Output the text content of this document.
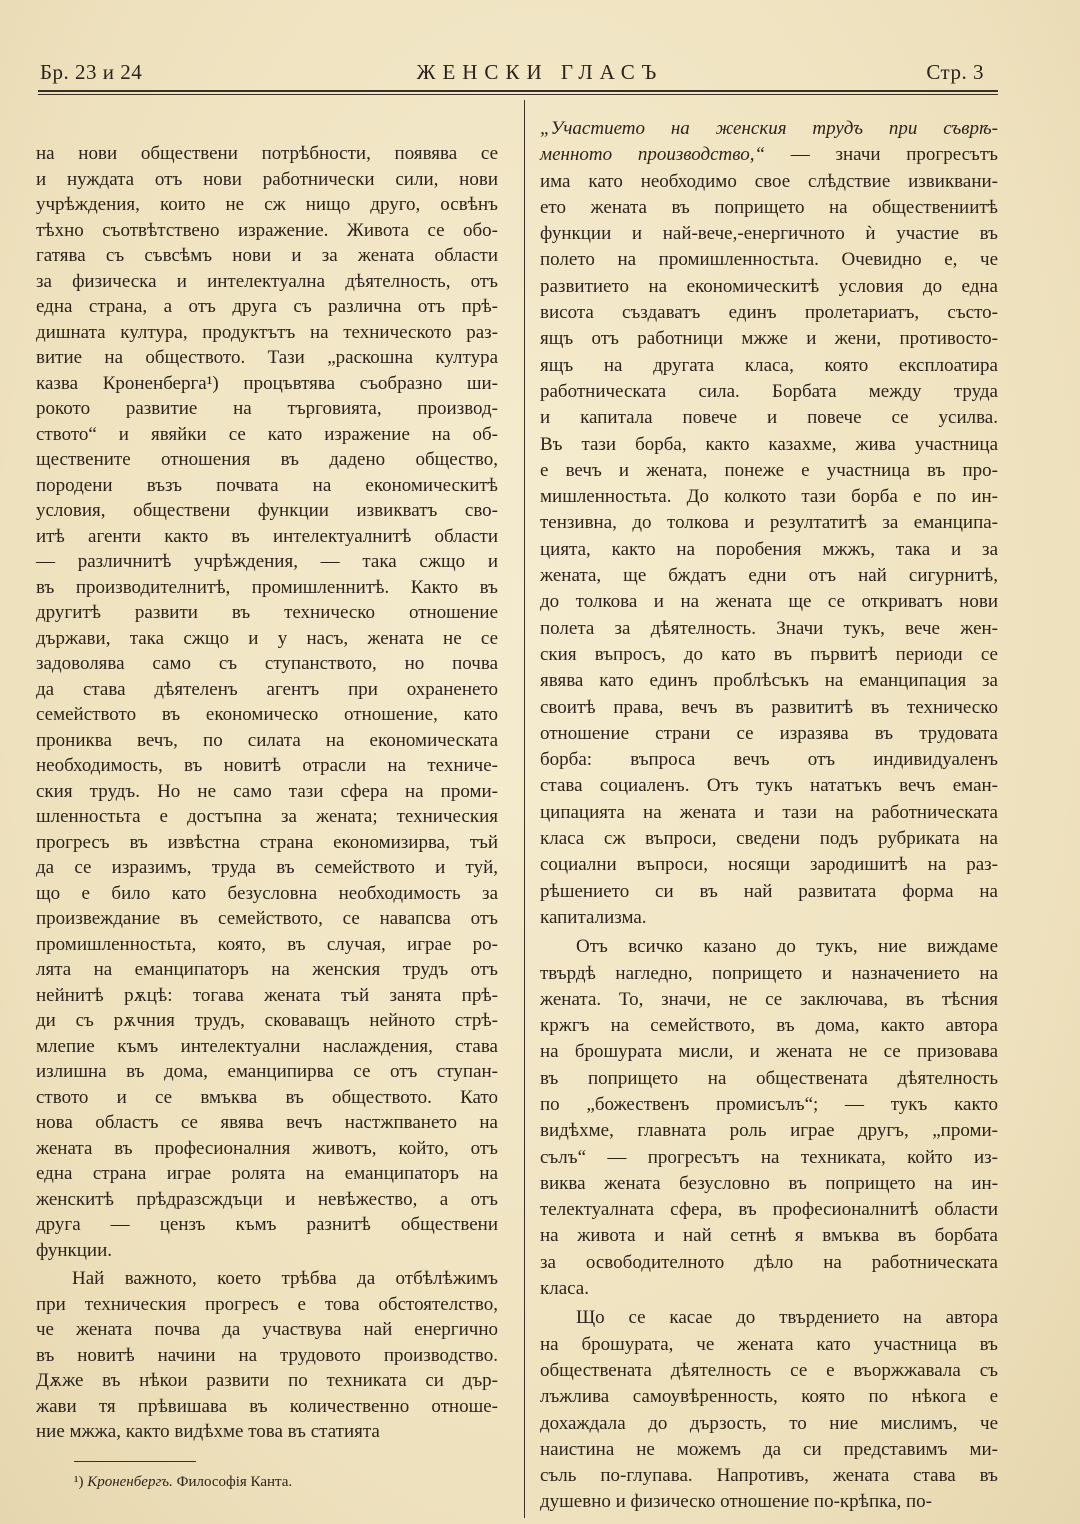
ЖЕНСКИ ГЛАСЪ
Бр. 23 и 24	Стр. 3
на нови обществени потрѣбности, появява се
и нуждата отъ нови работнически сили, нови
учрѣждения, които не сж нищо друго, освѣнъ
тѣхно съотвѣтствено изражение. Живота се обо-
гатява съ съвсѣмъ нови и за жената области
за физическа и интелектуална дѣятелность, отъ
една страна, а отъ друга съ различна отъ прѣ-
дишната култура, продуктътъ на техническото раз-
витие на обществото. Тази „раскошна култура
казва Кроненберга¹) процъвтява съобразно ши-
рокото развитие на търговията, производ-
ството“ и явяйки се като изражение на об-
ществените отношения въ дадено общество,
породени възъ почвата на економическитѣ
условия, обществени функции извикватъ сво-
итѣ агенти както въ интелектуалнитѣ области
— различнитѣ учрѣждения, — така сжщо и
въ производителнитѣ, промишленнитѣ. Както въ
другитѣ развити въ техническо отношение
държави, така сжщо и у насъ, жената не се
задоволява само съ ступанството, но почва
да става дѣятеленъ агентъ при охраненето
семейството въ економическо отношение, като
прониква вечъ, по силата на економическата
необходимость, въ новитѣ отрасли на техниче-
ския трудъ. Но не само тази сфера на проми-
шленностьта е достъпна за жената; техническия
прогресъ въ извѣстна страна економизирва, тъй
да се изразимъ, труда въ семейството и туй,
що е било като безусловна необходимость за
произвеждание въ семейството, се навапсва отъ
промишленностьта, която, въ случая, играе ро-
лята на еманципаторъ на женския трудъ отъ
нейнитѣ рѫцѣ: тогава жената тъй занята прѣ-
ди съ рѫчния трудъ, сковаващъ нейното стрѣ-
млепие къмъ интелектуални наслаждения, става
излишна въ дома, еманципирва се отъ ступан-
ството и се вмъква въ обществото. Като
нова областъ се явява вечъ настжпването на
жената въ професионалния животъ, който, отъ
една страна играе ролята на еманципаторъ на
женскитѣ прѣдразсждъци и невѣжество, а отъ
друга — цензъ къмъ разнитѣ обществени
функции.
Най важното, което трѣбва да отбѣлѣжимъ
при техническия прогресъ е това обстоятелство,
че жената почва да участвува най енергично
въ новитѣ начини на трудовото производство.
Дѫже въ нѣкои развити по техниката си дър-
жави тя прѣвишава въ количественно отноше-
ние мжжа, както видѣхме това въ статията
„Участието на женския трудъ при съврѣ-
менното производство,“ — значи прогресътъ
има като необходимо свое слѣдствие извиквани-
ето жената въ попрището на обществениитѣ
функции и най-вече,-енергичното ѝ участие въ
полето на промишленностьта. Очевидно е, че
развитието на економическитѣ условия до една
висота създаватъ единъ пролетариатъ, състо-
ящъ отъ работници мжже и жени, противосто-
ящъ на другата класа, която експлоатира
работническата сила. Борбата между труда
и капитала повече и повече се усилва.
Въ тази борба, както казахме, жива участница
е вечъ и жената, понеже е участница въ про-
мишленностьта. До колкото тази борба е по ин-
тензивна, до толкова и резултатитѣ за еманципа-
цията, както на поробения мжжъ, така и за
жената, ще бждатъ едни отъ най сигурнитѣ,
до толкова и на жената ще се откриватъ нови
полета за дѣятелность. Значи тукъ, вече жен-
ския въпросъ, до като въ първитѣ периоди се
явява като единъ проблѣсъкъ на еманципация за
своитѣ права, вечъ въ развититѣ въ техническо
отношение страни се изразява въ трудовата
борба: въпроса вечъ отъ индивидуаленъ
става социаленъ. Отъ тукъ нататъкъ вечъ еман-
ципацията на жената и тази на работническата
класа сж въпроси, сведени подъ рубриката на
социални въпроси, носящи зародишитѣ на раз-
рѣшението си въ най развитата форма на
капитализма.
Отъ всичко казано до тукъ, ние виждаме
твърдѣ нагледно, попрището и назначението на
жената. То, значи, не се заключава, въ тѣсния
кржгъ на семейството, въ дома, както автора
на брошурата мисли, и жената не се призовава
въ попрището на обществената дѣятелность
по „божественъ промисълъ“; — тукъ както
видѣхме, главната роль играе другъ, „проми-
сълъ“ — прогресътъ на техниката, който из-
виква жената безусловно въ попрището на ин-
телектуалната сфера, въ професионалнитѣ области
на живота и най сетнѣ я вмъква въ борбата
за освободителното дѣло на работническата
класа.
Що се касае до твърдението на автора
на брошурата, че жената като участница въ
обществената дѣятелность се е въоржжавала съ
лъжлива самоувѣренность, която по нѣкога е
дохаждала до дързость, то ние мислимъ, че
наистина не можемъ да си представимъ ми-
съль по-глупава. Напротивъ, жената става въ
душевно и физическо отношение по-крѣпка, по-
¹) Кроненбергъ. Философія Канта.
